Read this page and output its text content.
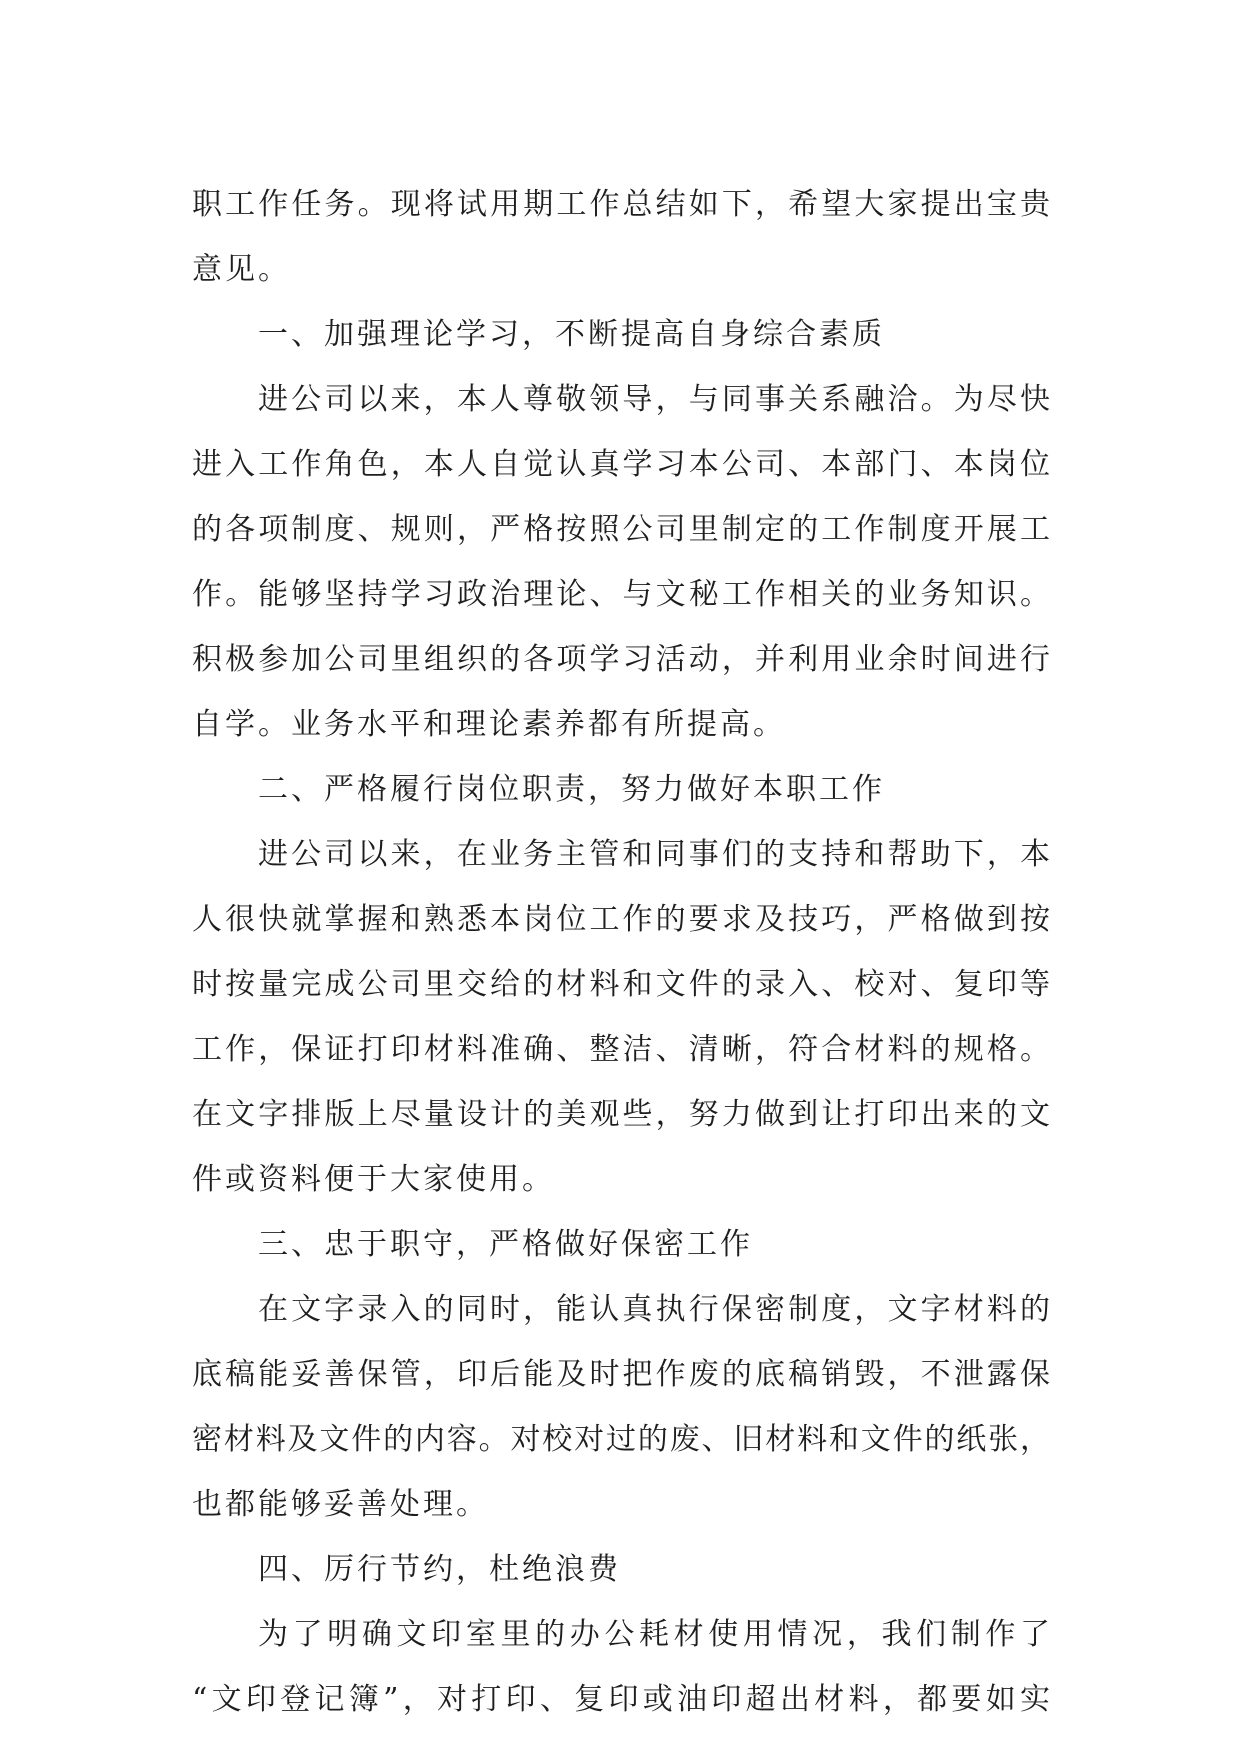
职工作任务。现将试用期工作总结如下，希望大家提出宝贵
意见。
一、加强理论学习，不断提高自身综合素质
进公司以来，本人尊敬领导，与同事关系融洽。为尽快
进入工作角色，本人自觉认真学习本公司、本部门、本岗位
的各项制度、规则，严格按照公司里制定的工作制度开展工
作。能够坚持学习政治理论、与文秘工作相关的业务知识。
积极参加公司里组织的各项学习活动，并利用业余时间进行
自学。业务水平和理论素养都有所提高。
二、严格履行岗位职责，努力做好本职工作
进公司以来，在业务主管和同事们的支持和帮助下，本
人很快就掌握和熟悉本岗位工作的要求及技巧，严格做到按
时按量完成公司里交给的材料和文件的录入、校对、复印等
工作，保证打印材料准确、整洁、清晰，符合材料的规格。
在文字排版上尽量设计的美观些，努力做到让打印出来的文
件或资料便于大家使用。
三、忠于职守，严格做好保密工作
在文字录入的同时，能认真执行保密制度，文字材料的
底稿能妥善保管，印后能及时把作废的底稿销毁，不泄露保
密材料及文件的内容。对校对过的废、旧材料和文件的纸张，
也都能够妥善处理。
四、厉行节约，杜绝浪费
为了明确文印室里的办公耗材使用情况，我们制作了
“文印登记簿”，对打印、复印或油印超出材料，都要如实
